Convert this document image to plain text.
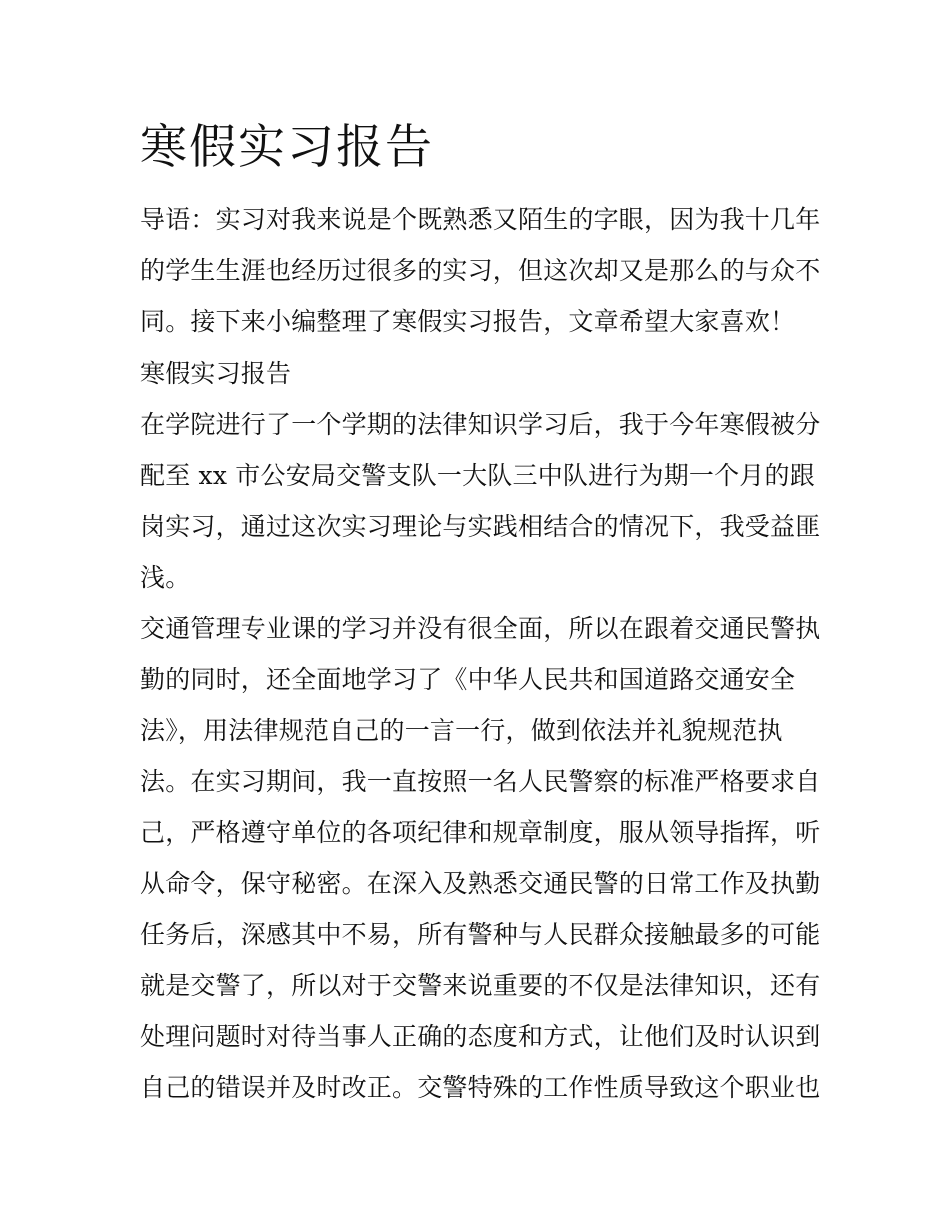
寒假实习报告

导语：实习对我来说是个既熟悉又陌生的字眼，因为我十几年

的学生生涯也经历过很多的实习，但这次却又是那么的与众不

同。接下来小编整理了寒假实习报告，文章希望大家喜欢！

寒假实习报告

在学院进行了一个学期的法律知识学习后，我于今年寒假被分

配至 xx 市公安局交警支队一大队三中队进行为期一个月的跟

岗实习，通过这次实习理论与实践相结合的情况下，我受益匪

浅。

交通管理专业课的学习并没有很全面，所以在跟着交通民警执

勤的同时，还全面地学习了《中华人民共和国道路交通安全

法》，用法律规范自己的一言一行，做到依法并礼貌规范执

法。在实习期间，我一直按照一名人民警察的标准严格要求自

己，严格遵守单位的各项纪律和规章制度，服从领导指挥，听

从命令，保守秘密。在深入及熟悉交通民警的日常工作及执勤

任务后，深感其中不易，所有警种与人民群众接触最多的可能

就是交警了，所以对于交警来说重要的不仅是法律知识，还有

处理问题时对待当事人正确的态度和方式，让他们及时认识到

自己的错误并及时改正。交警特殊的工作性质导致这个职业也
